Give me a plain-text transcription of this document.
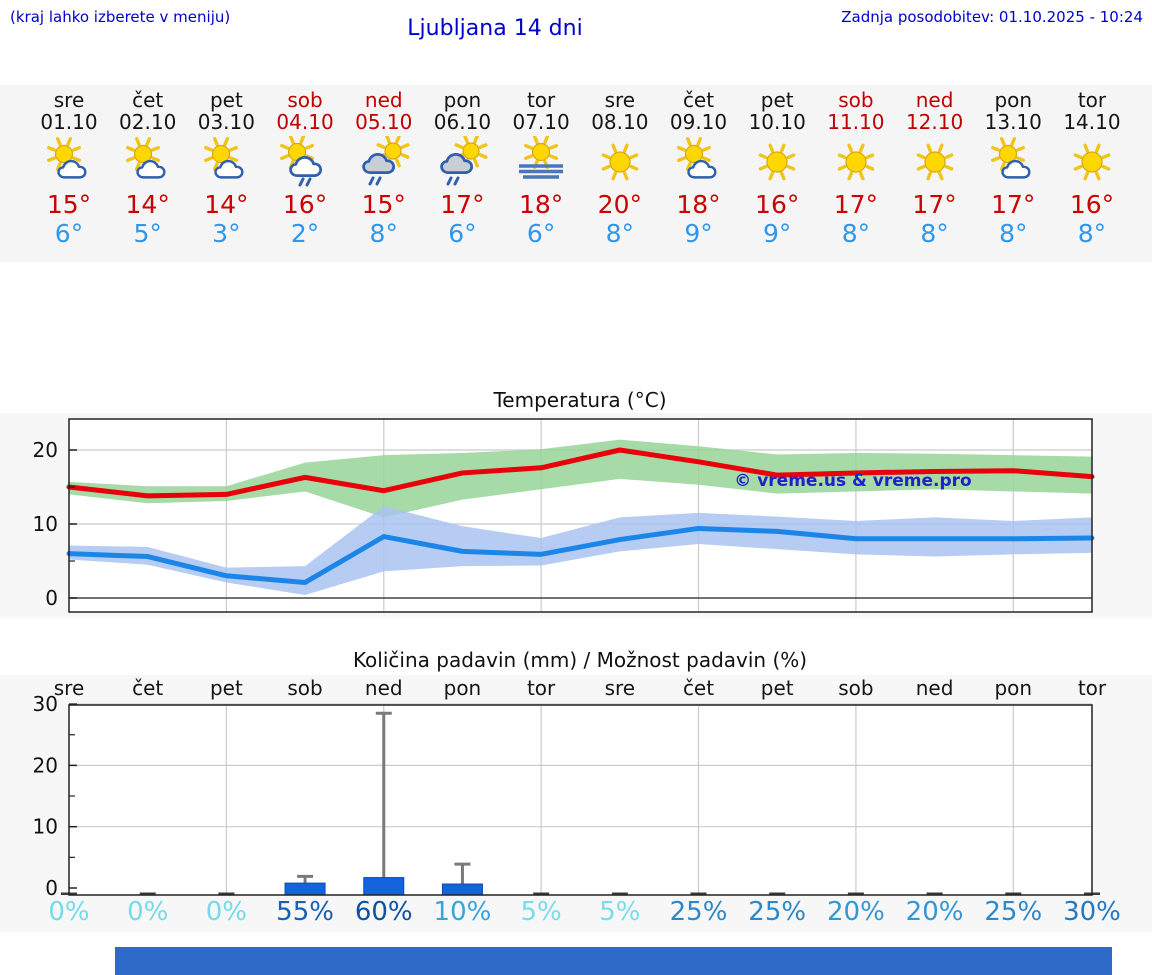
(kraj lahko izberete v meniju)	Ljubljana 14 dni	Zadnja posodobitev: 01.10.2025 - 10:24
sre
01.10
15°
6°
čet
02.10
14°
5°
pet
03.10
14°
3°
sob
04.10
16°
2°
ned
05.10
15°
8°
pon
06.10
17°
6°
tor
07.10
18°
6°
sre
08.10
20°
8°
čet
09.10
18°
9°
pet
10.10
16°
9°
sob
11.10
17°
8°
ned
12.10
17°
8°
pon
13.10
17°
8°
tor
14.10
16°
8°
Temperatura (°C)
0
10
20
© vreme.us & vreme.pro
Količina padavin (mm) / Možnost padavin (%)
0
10
20
30
sre	čet	pet	sob	ned	pon	tor	sre	čet	pet	sob	ned	pon	tor
0%	0%	0%	55% 60% 10%	5%	5%	25% 25% 20% 20% 25% 30%
